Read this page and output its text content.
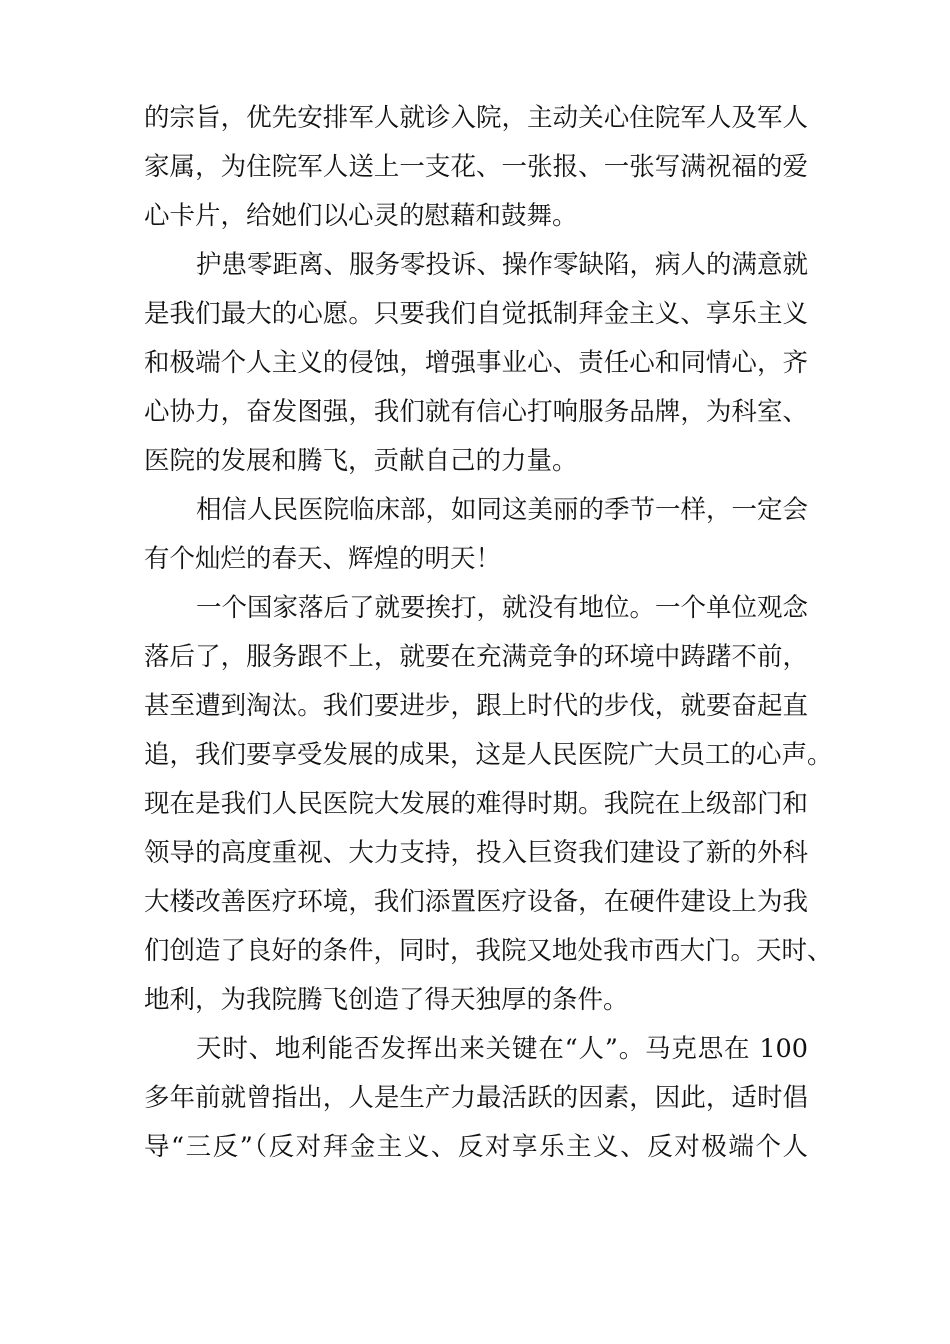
的宗旨，优先安排军人就诊入院，主动关心住院军人及军人
家属，为住院军人送上一支花、一张报、一张写满祝福的爱
心卡片，给她们以心灵的慰藉和鼓舞。
护患零距离、服务零投诉、操作零缺陷，病人的满意就
是我们最大的心愿。只要我们自觉抵制拜金主义、享乐主义
和极端个人主义的侵蚀，增强事业心、责任心和同情心，齐
心协力，奋发图强，我们就有信心打响服务品牌，为科室、
医院的发展和腾飞，贡献自己的力量。
相信人民医院临床部，如同这美丽的季节一样，一定会
有个灿烂的春天、辉煌的明天！
一个国家落后了就要挨打，就没有地位。一个单位观念
落后了，服务跟不上，就要在充满竞争的环境中踌躇不前，
甚至遭到淘汰。我们要进步，跟上时代的步伐，就要奋起直
追，我们要享受发展的成果，这是人民医院广大员工的心声。
现在是我们人民医院大发展的难得时期。我院在上级部门和
领导的高度重视、大力支持，投入巨资我们建设了新的外科
大楼改善医疗环境，我们添置医疗设备，在硬件建设上为我
们创造了良好的条件，同时，我院又地处我市西大门。天时、
地利，为我院腾飞创造了得天独厚的条件。
天时、地利能否发挥出来关键在“人”。马克思在 100
多年前就曾指出，人是生产力最活跃的因素，因此，适时倡
导“三反”（反对拜金主义、反对享乐主义、反对极端个人
